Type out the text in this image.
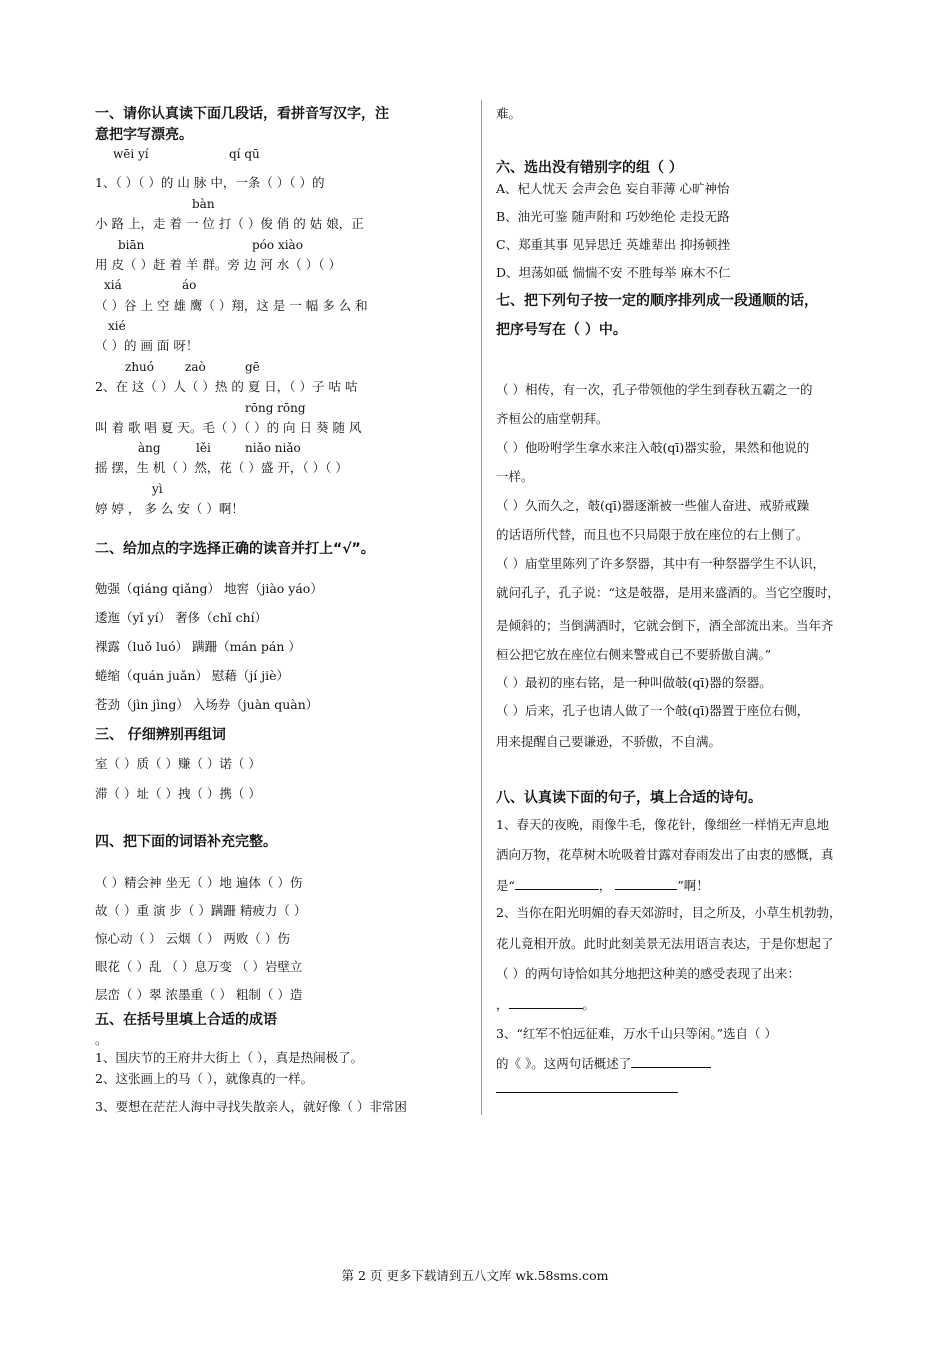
一、请你认真读下面几段话，看拼音写汉字，注
意把字写漂亮。
wēi yí	qí qū
1、（ ）（ ）的 山 脉 中，一条（ ）（ ）的
bàn
小 路 上，走 着 一 位 打（ ）俊 俏 的 姑 娘，正
biān	póo xiào
用 皮（ ）赶 着 羊 群。旁 边 河 水（ ）（ ）
xiá	áo
（ ）谷 上 空 雄 鹰（ ）翔，这 是 一 幅 多 么 和
xié
（ ）的 画 面 呀！
zhuó	zaò	gē
2、在 这（ ）人（ ）热 的 夏 日，（ ）子 咕 咕
rōng rōng
叫 着 歌 唱 夏 天。毛（ ）（ ）的 向 日 葵 随 风
àng	lěi	niǎo niǎo
摇 摆，生 机（ ）然，花（ ）盛 开，（ ）（ ）
yì
婷 婷 ， 多 么 安（ ）啊！
二、给加点的字选择正确的读音并打上“√”。
勉强（qiáng qiǎng） 地窖（jiào yáo）
逶迤（yǐ yí） 奢侈（chǐ chí）
裸露（luǒ luó） 蹒跚（mán pán ）
蜷缩（quán juǎn） 慰藉（jí jiè）
苍劲（jìn jìng） 入场券（juàn quàn）
三、 仔细辨别再组词
室（ ）质（ ）赚（ ）诺（ ）
滞（ ）址（ ）拽（ ）携（ ）
四、把下面的词语补充完整。
（ ）精会神 坐无（ ）地 遍体（ ）伤
故（ ）重 演 步（ ）蹒跚 精疲力（ ）
惊心动（ ） 云烟（ ） 两败（ ）伤
眼花（ ）乱 （ ）息万变 （ ）岩壁立
层峦（ ）翠 浓墨重（ ） 粗制（ ）造
五、在括号里填上合适的成语
。
1、国庆节的王府井大街上（ ），真是热闹极了。
2、这张画上的马（ ），就像真的一样。
3、要想在茫茫人海中寻找失散亲人，就好像（ ）非常困
难。
六、选出没有错别字的组（ ）
A、杞人忧天 会声会色 妄自菲薄 心旷神怡
B、油光可鉴 随声附和 巧妙绝伦 走投无路
C、郑重其事 见异思迁 英雄辈出 抑扬顿挫
D、坦荡如砥 惴惴不安 不胜每举 麻木不仁
七、把下列句子按一定的顺序排列成一段通顺的话，
把序号写在（ ）中。
（ ）相传，有一次，孔子带领他的学生到春秋五霸之一的
齐桓公的庙堂朝拜。
（ ）他吩咐学生拿水来注入攲(qī)器实验，果然和他说的
一样。
（ ）久而久之，攲(qī)器逐渐被一些催人奋进、戒骄戒躁
的话语所代替，而且也不只局限于放在座位的右上侧了。
（ ）庙堂里陈列了许多祭器，其中有一种祭器学生不认识，
就问孔子，孔子说：“这是攲器，是用来盛酒的。当它空腹时，
是倾斜的；当倒满酒时，它就会倒下，酒全部流出来。当年齐
桓公把它放在座位右侧来警戒自己不要骄傲自满。”
（ ）最初的座右铭，是一种叫做攲(qī)器的祭器。
（ ）后来，孔子也请人做了一个攲(qī)器置于座位右侧，
用来提醒自己要谦逊，不骄傲，不自满。
八、认真读下面的句子，填上合适的诗句。
1、春天的夜晚，雨像牛毛，像花针，像细丝一样悄无声息地
洒向万物，花草树木吮吸着甘露对春雨发出了由衷的感慨，真
是“	，	”啊！
2、当你在阳光明媚的春天郊游时，目之所及，小草生机勃勃，
花儿竟相开放。此时此刻美景无法用语言表达，于是你想起了
（ ）的两句诗恰如其分地把这种美的感受表现了出来：
，	。
3、“红军不怕远征难，万水千山只等闲。”选自（ ）
的《 》。这两句话概述了
第 2 页 更多下载请到五八文库 wk.58sms.com
